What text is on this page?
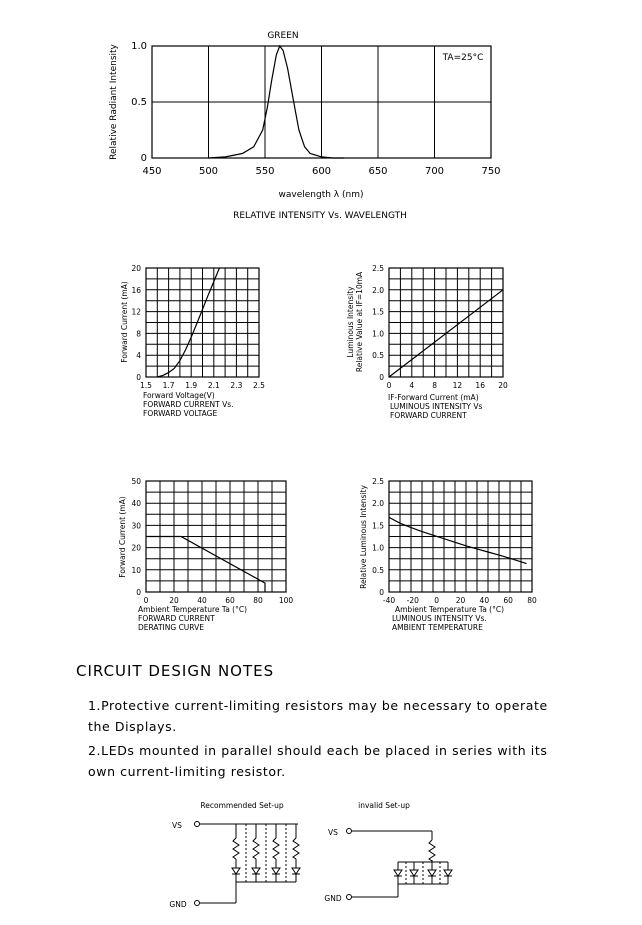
GREEN
TA=25°C
Relative Radiant Intensity
wavelength λ (nm)
RELATIVE INTENSITY Vs. WAVELENGTH
450	500	550	600	650	700	750
0
0.5
1.0
1.5 1.7 1.9 2.1 2.3 2.5
0
4
8
12
16
20
Forward Current (mA)
Forward Voltage(V)
FORWARD CURRENT Vs.
FORWARD VOLTAGE
0 4 8 12 16 20
0
0.5
1.0
1.5
2.0
2.5
Luminous Intensity Relative Value at IF=10mA
IF-Forward Current (mA)
LUMINOUS INTENSITY Vs
FORWARD CURRENT
0	20 40 60 80 100
0
10
20
30
40
50
Forward Current (mA)
Ambient Temperature Ta (°C)
FORWARD CURRENT
DERATING CURVE
-40 -20 0 20 40 60 80
0
0.5
1.0
1.5
2.0
2.5
Relative Luminous Intensity
Ambient Temperature Ta (°C)
LUMINOUS INTENSITY Vs.
AMBIENT TEMPERATURE
CIRCUIT DESIGN NOTES
1.Protective current-limiting resistors may be necessary to operate the Displays.
2.LEDs mounted in parallel should each be placed in series with its own current-limiting resistor.
Recommended Set-up	invalid Set-up
VS
GND
VS
GND
